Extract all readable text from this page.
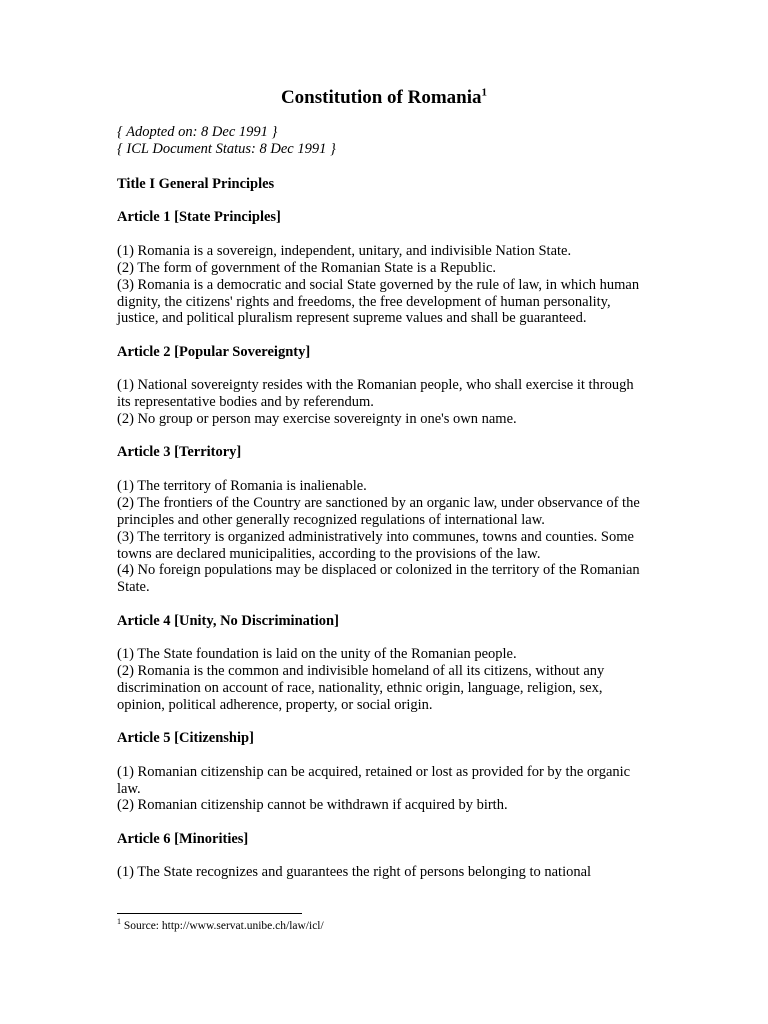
Constitution of Romania$^1$
{ Adopted on: 8 Dec 1991 }
{ ICL Document Status: 8 Dec 1991 }

Title I General Principles

Article 1 [State Principles]

(1) Romania is a sovereign, independent, unitary, and indivisible Nation State.

(2) The form of government of the Romanian State is a Republic.

(3) Romania is a democratic and social State governed by the rule of law, in which human dignity, the citizens' rights and freedoms, the free development of human personality, justice, and political pluralism represent supreme values and shall be guaranteed.

Article 2 [Popular Sovereignty]

(1) National sovereignty resides with the Romanian people, who shall exercise it through its representative bodies and by referendum.

(2) No group or person may exercise sovereignty in one's own name.

Article 3 [Territory]

(1) The territory of Romania is inalienable.

(2) The frontiers of the Country are sanctioned by an organic law, under observance of the principles and other generally recognized regulations of international law.

(3) The territory is organized administratively into communes, towns and counties. Some towns are declared municipalities, according to the provisions of the law.

(4) No foreign populations may be displaced or colonized in the territory of the Romanian State.

Article 4 [Unity, No Discrimination]

(1) The State foundation is laid on the unity of the Romanian people.

(2) Romania is the common and indivisible homeland of all its citizens, without any discrimination on account of race, nationality, ethnic origin, language, religion, sex, opinion, political adherence, property, or social origin.

Article 5 [Citizenship]

(1) Romanian citizenship can be acquired, retained or lost as provided for by the organic law.

(2) Romanian citizenship cannot be withdrawn if acquired by birth.

Article 6 [Minorities]

(1) The State recognizes and guarantees the right of persons belonging to national

$^1$ Source: http://www.servat.unibe.ch/law/icl/
